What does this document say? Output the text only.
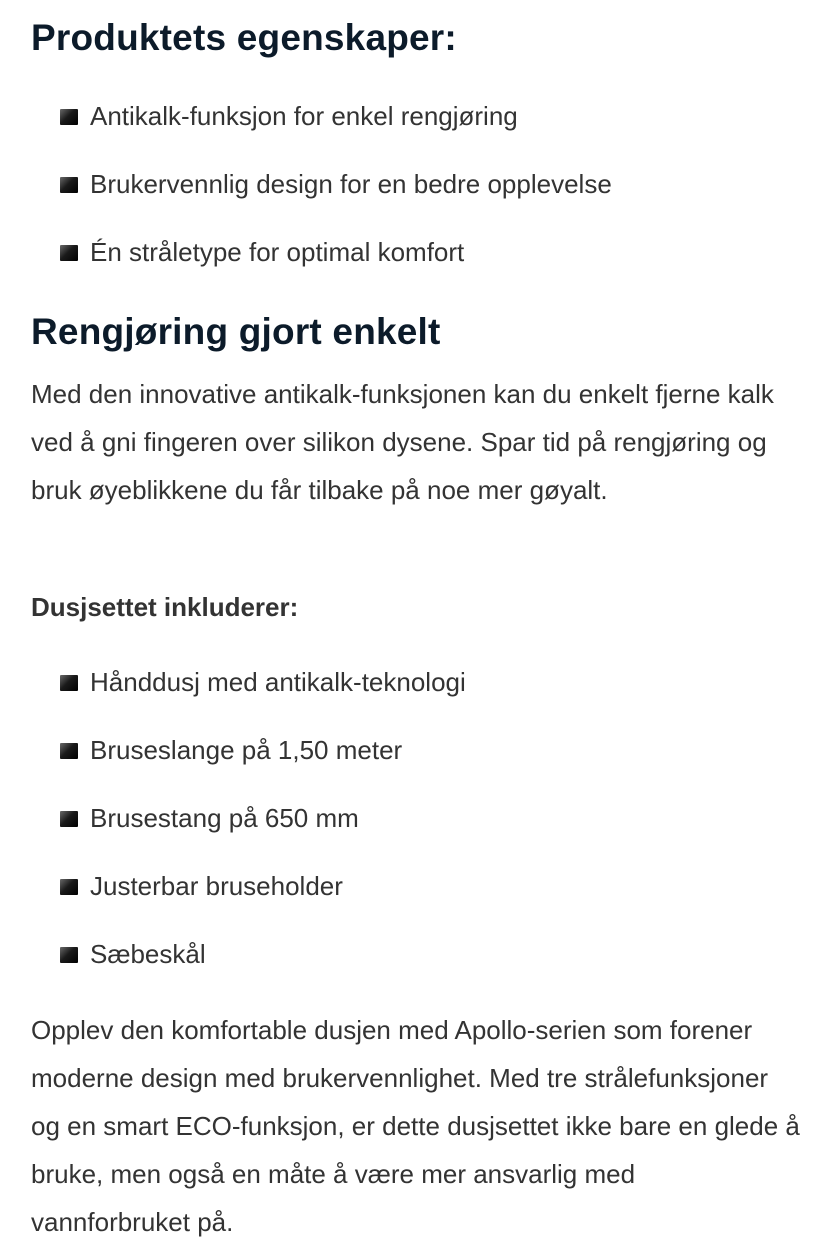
Produktets egenskaper:
Antikalk-funksjon for enkel rengjøring
Brukervennlig design for en bedre opplevelse
Én stråletype for optimal komfort
Rengjøring gjort enkelt

Med den innovative antikalk-funksjonen kan du enkelt fjerne kalk ved å gni fingeren over silikon dysene. Spar tid på rengjøring og bruk øyeblikkene du får tilbake på noe mer gøyalt.

Dusjsettet inkluderer:

Hånddusj med antikalk-teknologi
Bruseslange på 1,50 meter
Brusestang på 650 mm
Justerbar bruseholder
Sæbeskål

Opplev den komfortable dusjen med Apollo-serien som forener moderne design med brukervennlighet. Med tre strålefunksjoner og en smart ECO-funksjon, er dette dusjsettet ikke bare en glede å bruke, men også en måte å være mer ansvarlig med vannforbruket på.
